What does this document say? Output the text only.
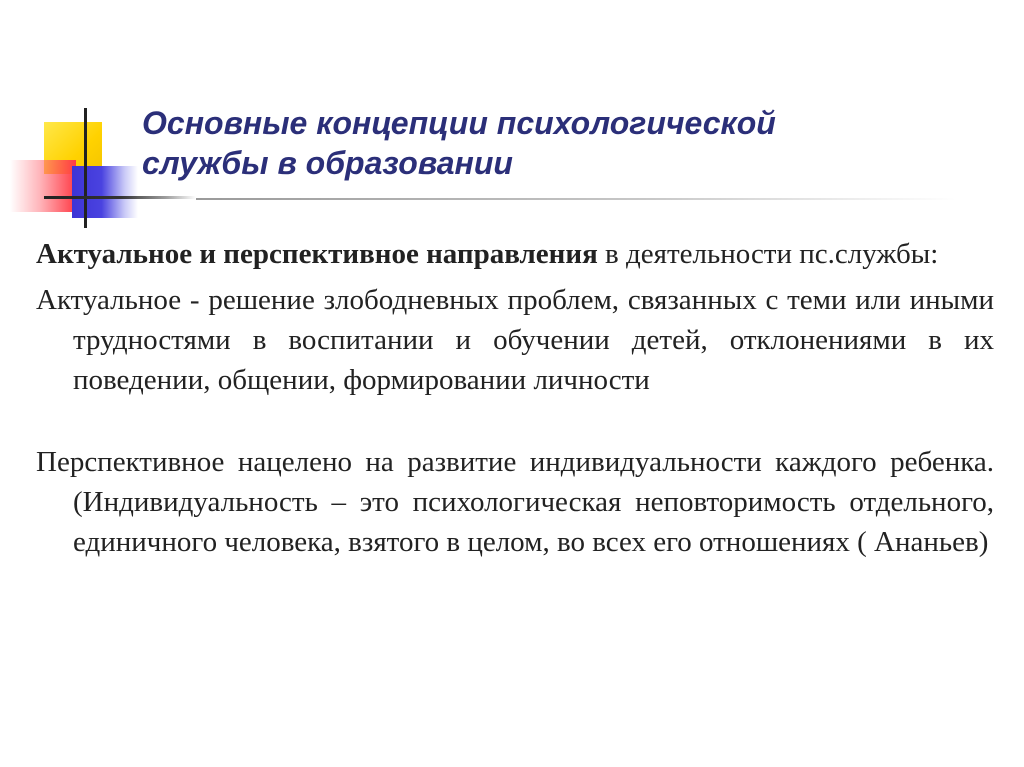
Основные концепции психологической
службы в образовании

Актуальное и перспективное направления в деятельности пс.службы:

Актуальное - решение злободневных проблем, связанных с теми или иными трудностями в воспитании и обучении детей, отклонениями в их поведении, общении, формировании личности

Перспективное нацелено на развитие индивидуальности каждого ребенка. (Индивидуальность – это психологическая неповторимость отдельного, единичного человека, взятого в целом, во всех его отношениях ( Ананьев)
